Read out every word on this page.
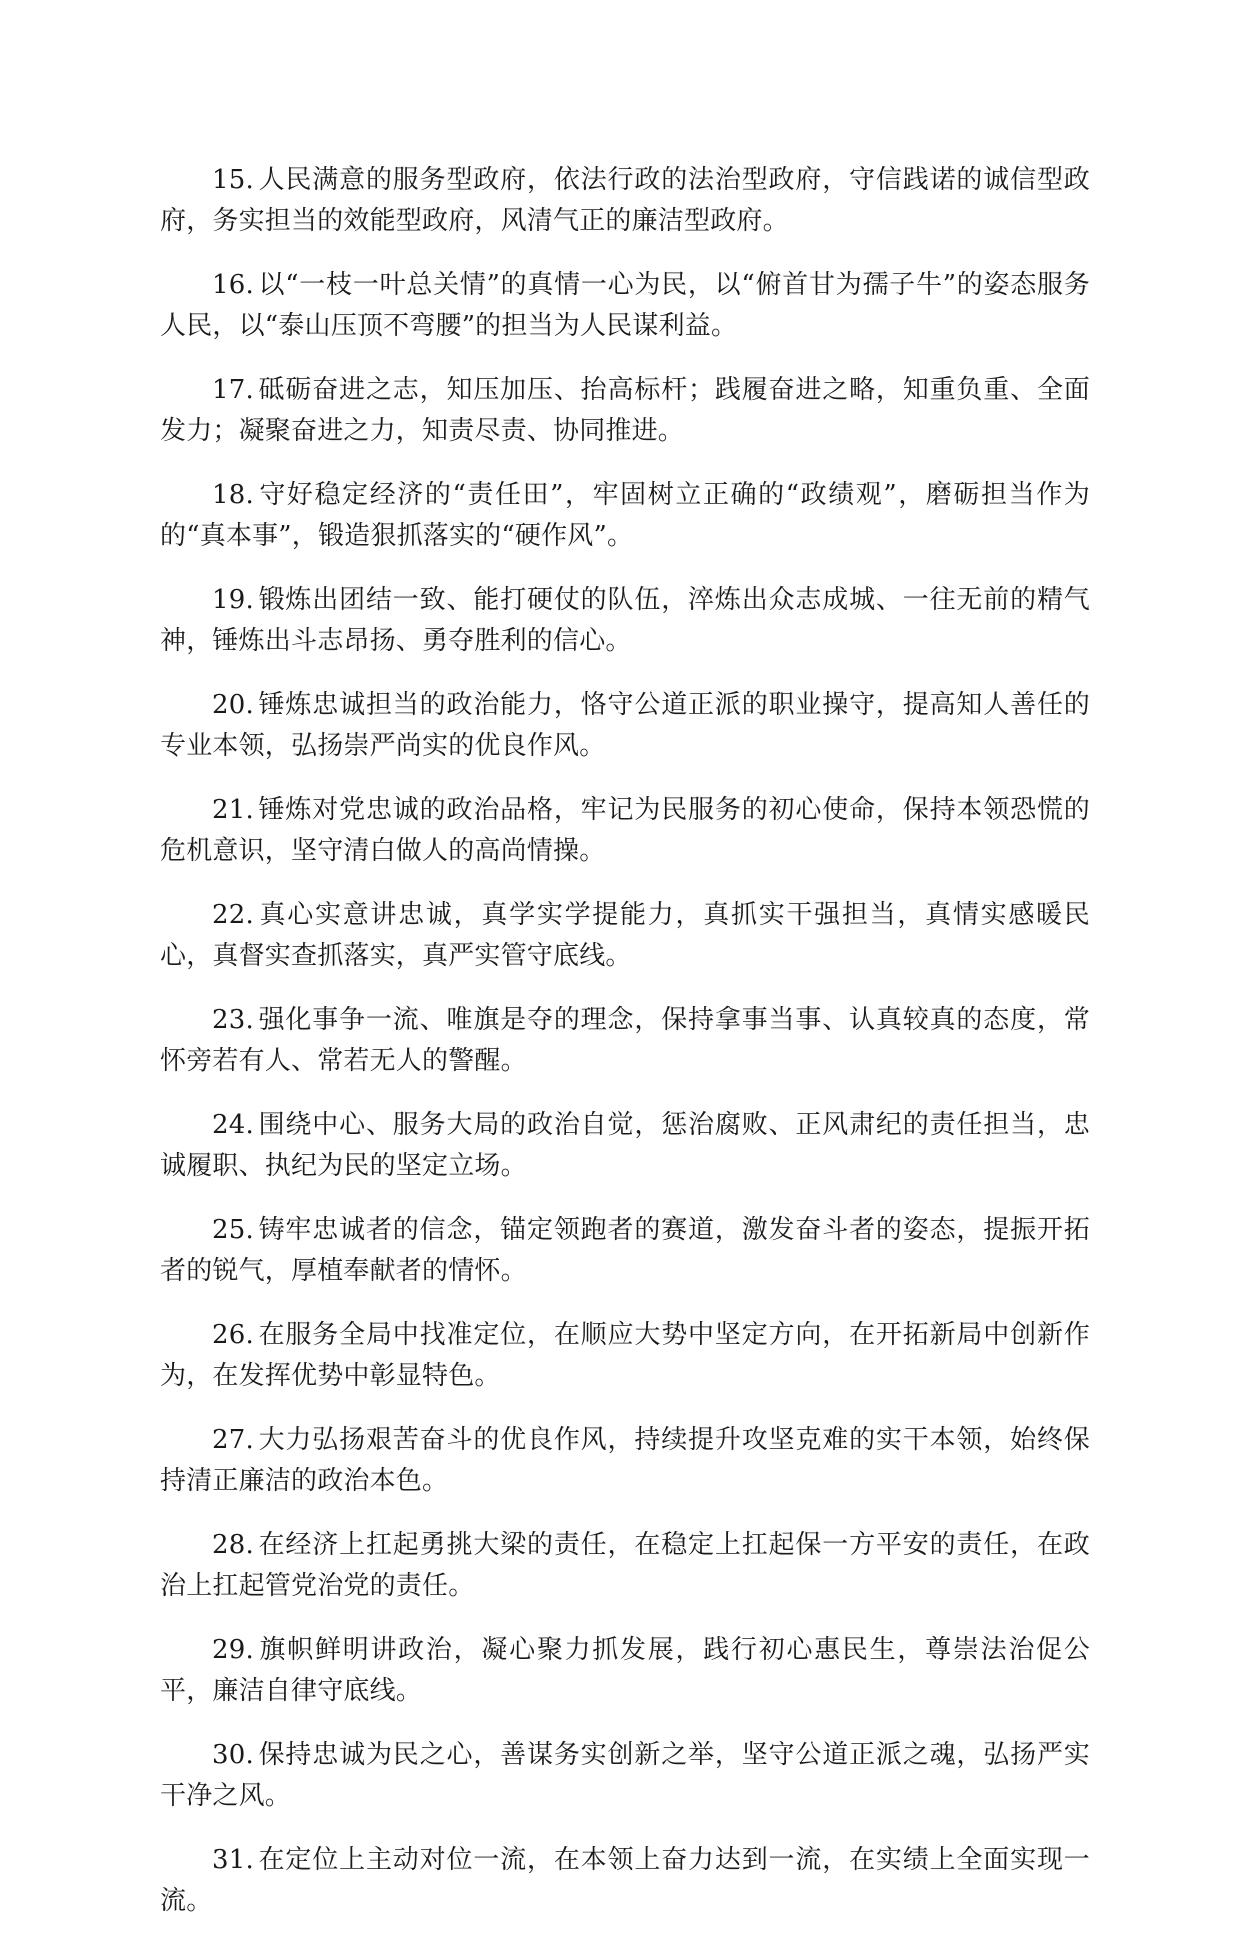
15. 人民满意的服务型政府，依法行政的法治型政府，守信践诺的诚信型政府，务实担当的效能型政府，风清气正的廉洁型政府。

16. 以“一枝一叶总关情”的真情一心为民，以“俯首甘为孺子牛”的姿态服务人民，以“泰山压顶不弯腰”的担当为人民谋利益。

17. 砥砺奋进之志，知压加压、抬高标杆；践履奋进之略，知重负重、全面发力；凝聚奋进之力，知责尽责、协同推进。

18. 守好稳定经济的“责任田”，牢固树立正确的“政绩观”，磨砺担当作为的“真本事”，锻造狠抓落实的“硬作风”。

19. 锻炼出团结一致、能打硬仗的队伍，淬炼出众志成城、一往无前的精气神，锤炼出斗志昂扬、勇夺胜利的信心。

20. 锤炼忠诚担当的政治能力，恪守公道正派的职业操守，提高知人善任的专业本领，弘扬崇严尚实的优良作风。

21. 锤炼对党忠诚的政治品格，牢记为民服务的初心使命，保持本领恐慌的危机意识，坚守清白做人的高尚情操。

22. 真心实意讲忠诚，真学实学提能力，真抓实干强担当，真情实感暖民心，真督实查抓落实，真严实管守底线。

23. 强化事争一流、唯旗是夺的理念，保持拿事当事、认真较真的态度，常怀旁若有人、常若无人的警醒。

24. 围绕中心、服务大局的政治自觉，惩治腐败、正风肃纪的责任担当，忠诚履职、执纪为民的坚定立场。

25. 铸牢忠诚者的信念，锚定领跑者的赛道，激发奋斗者的姿态，提振开拓者的锐气，厚植奉献者的情怀。

26. 在服务全局中找准定位，在顺应大势中坚定方向，在开拓新局中创新作为，在发挥优势中彰显特色。

27. 大力弘扬艰苦奋斗的优良作风，持续提升攻坚克难的实干本领，始终保持清正廉洁的政治本色。

28. 在经济上扛起勇挑大梁的责任，在稳定上扛起保一方平安的责任，在政治上扛起管党治党的责任。

29. 旗帜鲜明讲政治，凝心聚力抓发展，践行初心惠民生，尊崇法治促公平，廉洁自律守底线。

30. 保持忠诚为民之心，善谋务实创新之举，坚守公道正派之魂，弘扬严实干净之风。

31. 在定位上主动对位一流，在本领上奋力达到一流，在实绩上全面实现一流。
